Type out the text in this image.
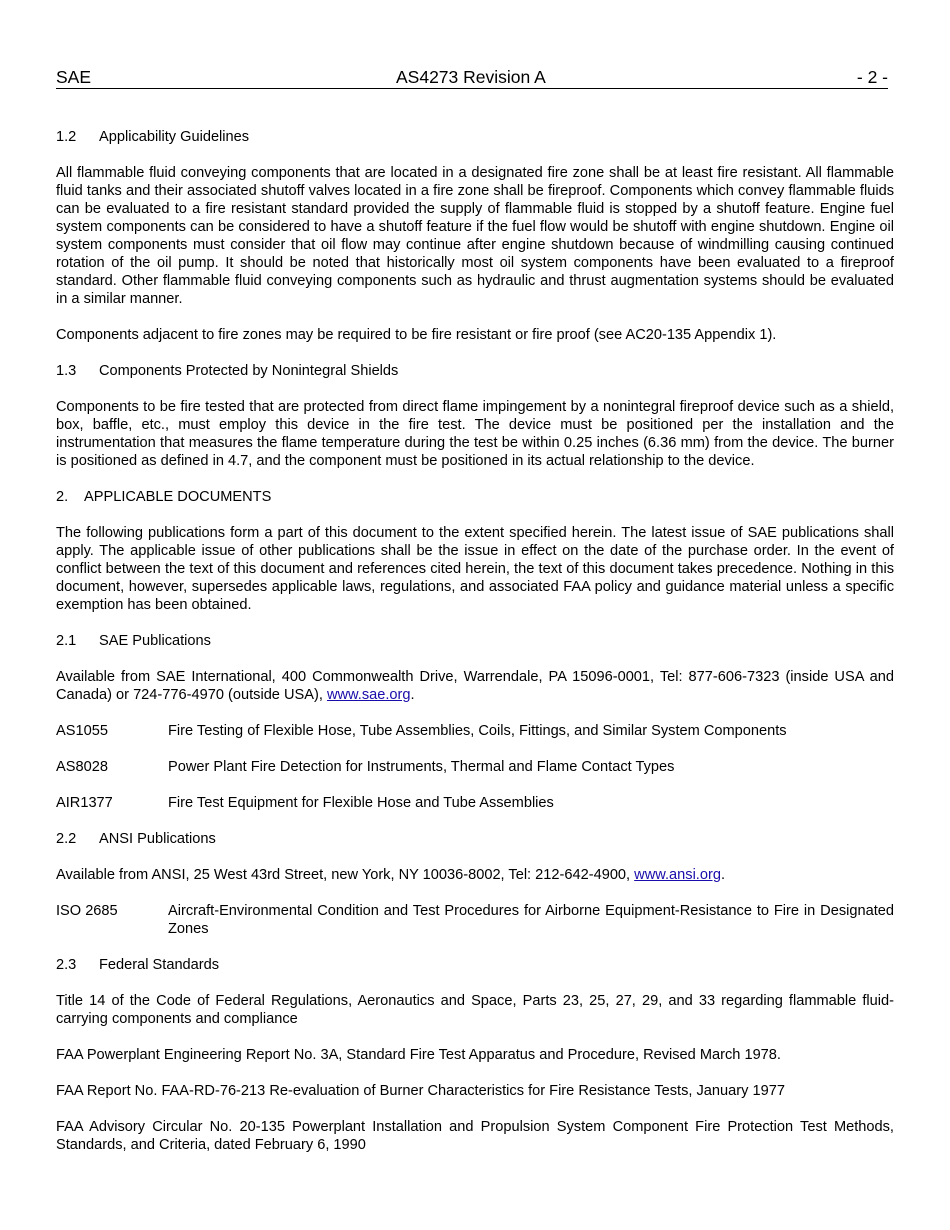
SAE	AS4273 Revision A	- 2 -
1.2 Applicability Guidelines

All flammable fluid conveying components that are located in a designated fire zone shall be at least fire resistant. All flammable fluid tanks and their associated shutoff valves located in a fire zone shall be fireproof. Components which convey flammable fluids can be evaluated to a fire resistant standard provided the supply of flammable fluid is stopped by a shutoff feature. Engine fuel system components can be considered to have a shutoff feature if the fuel flow would be shutoff with engine shutdown. Engine oil system components must consider that oil flow may continue after engine shutdown because of windmilling causing continued rotation of the oil pump. It should be noted that historically most oil system components have been evaluated to a fireproof standard. Other flammable fluid conveying components such as hydraulic and thrust augmentation systems should be evaluated in a similar manner.

Components adjacent to fire zones may be required to be fire resistant or fire proof (see AC20-135 Appendix 1).

1.3 Components Protected by Nonintegral Shields

Components to be fire tested that are protected from direct flame impingement by a nonintegral fireproof device such as a shield, box, baffle, etc., must employ this device in the fire test. The device must be positioned per the installation and the instrumentation that measures the flame temperature during the test be within 0.25 inches (6.36 mm) from the device. The burner is positioned as defined in 4.7, and the component must be positioned in its actual relationship to the device.

2. APPLICABLE DOCUMENTS

The following publications form a part of this document to the extent specified herein. The latest issue of SAE publications shall apply. The applicable issue of other publications shall be the issue in effect on the date of the purchase order. In the event of conflict between the text of this document and references cited herein, the text of this document takes precedence. Nothing in this document, however, supersedes applicable laws, regulations, and associated FAA policy and guidance material unless a specific exemption has been obtained.

2.1 SAE Publications

Available from SAE International, 400 Commonwealth Drive, Warrendale, PA 15096-0001, Tel: 877-606-7323 (inside USA and Canada) or 724-776-4970 (outside USA), www.sae.org.

AS1055	Fire Testing of Flexible Hose, Tube Assemblies, Coils, Fittings, and Similar System Components
AS8028	Power Plant Fire Detection for Instruments, Thermal and Flame Contact Types
AIR1377	Fire Test Equipment for Flexible Hose and Tube Assemblies
2.2 ANSI Publications

Available from ANSI, 25 West 43rd Street, new York, NY 10036-8002, Tel: 212-642-4900, www.ansi.org.

ISO 2685	Aircraft-Environmental Condition and Test Procedures for Airborne Equipment-Resistance to Fire in Designated Zones
2.3 Federal Standards

Title 14 of the Code of Federal Regulations, Aeronautics and Space, Parts 23, 25, 27, 29, and 33 regarding flammable fluid-carrying components and compliance

FAA Powerplant Engineering Report No. 3A, Standard Fire Test Apparatus and Procedure, Revised March 1978.

FAA Report No. FAA-RD-76-213 Re-evaluation of Burner Characteristics for Fire Resistance Tests, January 1977

FAA Advisory Circular No. 20-135 Powerplant Installation and Propulsion System Component Fire Protection Test Methods, Standards, and Criteria, dated February 6, 1990
